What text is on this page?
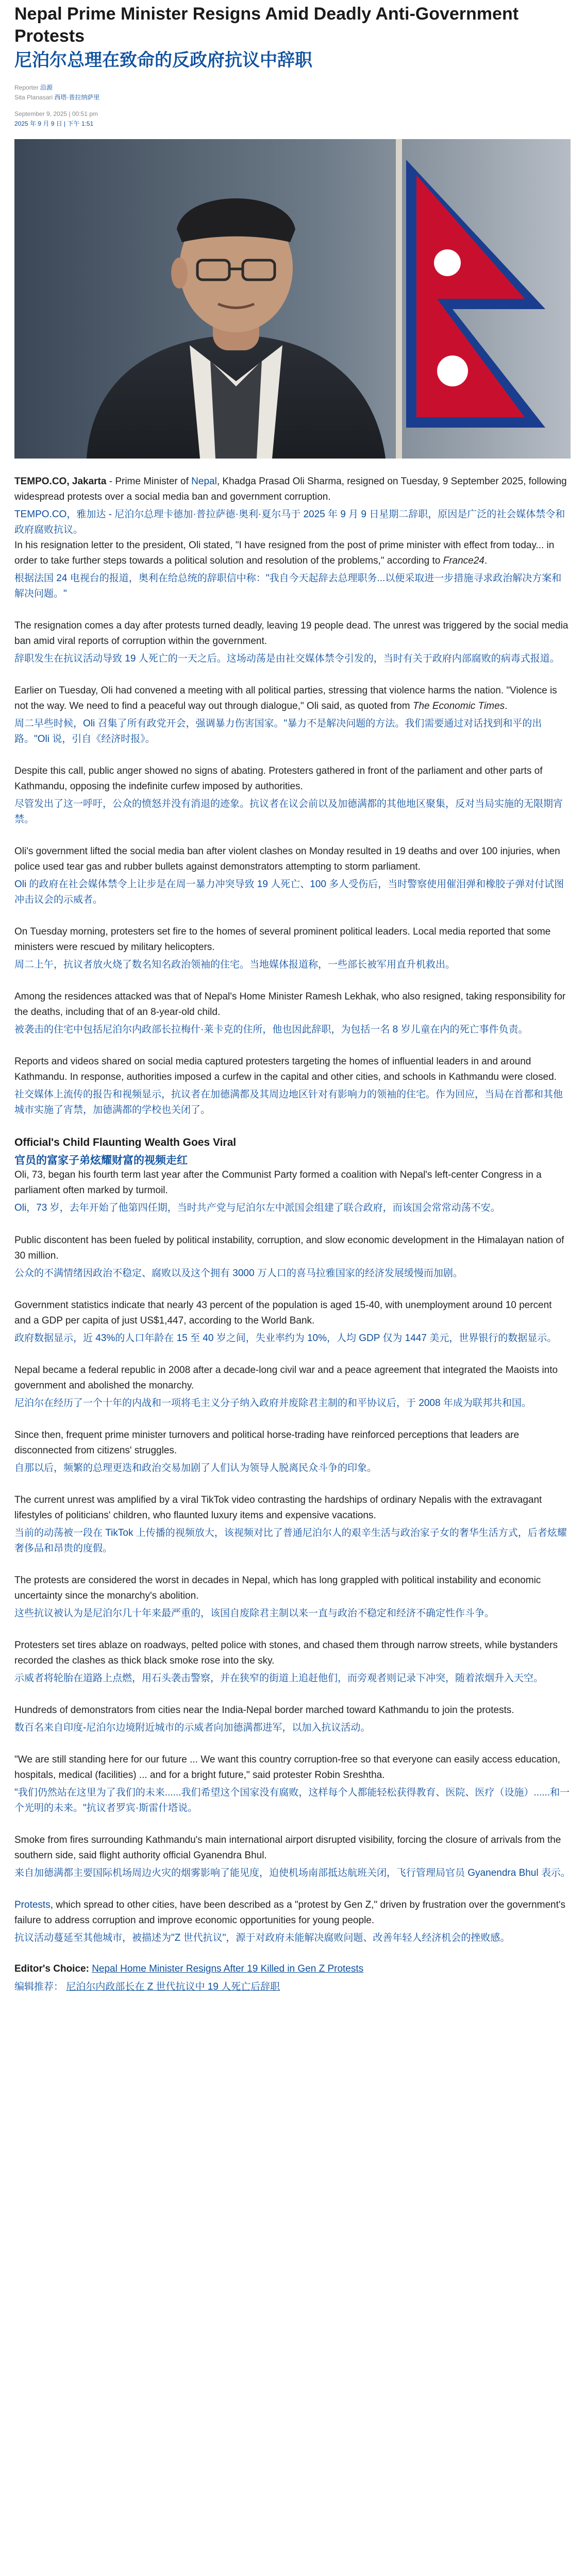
Nepal Prime Minister Resigns Amid Deadly Anti-Government Protests
尼泊尔总理在致命的反政府抗议中辞职
Reporter 沿源
Sita Planasari 西塔·普拉纳萨里
September 9, 2025 | 00:51 pm
2025 年 9 月 9 日 | 下午 1:51

TEMPO.CO, Jakarta - Prime Minister of Nepal, Khadga Prasad Oli Sharma, resigned on Tuesday, 9 September 2025, following widespread protests over a social media ban and government corruption.

TEMPO.CO，雅加达 - 尼泊尔总理卡德加·普拉萨德·奥利·夏尔马于 2025 年 9 月 9 日星期二辞职，原因是广泛的社会媒体禁令和政府腐败抗议。

In his resignation letter to the president, Oli stated, "I have resigned from the post of prime minister with effect from today... in order to take further steps towards a political solution and resolution of the problems," according to France24.

根据法国 24 电视台的报道，奥利在给总统的辞职信中称："我自今天起辞去总理职务...以便采取进一步措施寻求政治解决方案和解决问题。"

The resignation comes a day after protests turned deadly, leaving 19 people dead. The unrest was triggered by the social media ban amid viral reports of corruption within the government.

辞职发生在抗议活动导致 19 人死亡的一天之后。这场动荡是由社交媒体禁令引发的，当时有关于政府内部腐败的病毒式报道。

Earlier on Tuesday, Oli had convened a meeting with all political parties, stressing that violence harms the nation. "Violence is not the way. We need to find a peaceful way out through dialogue," Oli said, as quoted from The Economic Times.

周二早些时候，Oli 召集了所有政党开会，强调暴力伤害国家。"暴力不是解决问题的方法。我们需要通过对话找到和平的出路。"Oli 说，引自《经济时报》。

Despite this call, public anger showed no signs of abating. Protesters gathered in front of the parliament and other parts of Kathmandu, opposing the indefinite curfew imposed by authorities.

尽管发出了这一呼吁，公众的愤怒并没有消退的迹象。抗议者在议会前以及加德满都的其他地区聚集，反对当局实施的无限期宵禁。

Oli's government lifted the social media ban after violent clashes on Monday resulted in 19 deaths and over 100 injuries, when police used tear gas and rubber bullets against demonstrators attempting to storm parliament.

Oli 的政府在社会媒体禁令上让步是在周一暴力冲突导致 19 人死亡、100 多人受伤后，当时警察使用催泪弹和橡胶子弹对付试图冲击议会的示威者。

On Tuesday morning, protesters set fire to the homes of several prominent political leaders. Local media reported that some ministers were rescued by military helicopters.

周二上午，抗议者放火烧了数名知名政治领袖的住宅。当地媒体报道称，一些部长被军用直升机救出。

Among the residences attacked was that of Nepal's Home Minister Ramesh Lekhak, who also resigned, taking responsibility for the deaths, including that of an 8-year-old child.

被袭击的住宅中包括尼泊尔内政部长拉梅什·莱卡克的住所，他也因此辞职，为包括一名 8 岁儿童在内的死亡事件负责。

Reports and videos shared on social media captured protesters targeting the homes of influential leaders in and around Kathmandu. In response, authorities imposed a curfew in the capital and other cities, and schools in Kathmandu were closed.

社交媒体上流传的报告和视频显示，抗议者在加德满都及其周边地区针对有影响力的领袖的住宅。作为回应，当局在首都和其他城市实施了宵禁，加德满都的学校也关闭了。

Official's Child Flaunting Wealth Goes Viral
官员的富家子弟炫耀财富的视频走红

Oli, 73, began his fourth term last year after the Communist Party formed a coalition with Nepal's left-center Congress in a parliament often marked by turmoil.

Oli，73 岁，去年开始了他第四任期，当时共产党与尼泊尔左中派国会组建了联合政府，而该国会常常动荡不安。

Public discontent has been fueled by political instability, corruption, and slow economic development in the Himalayan nation of 30 million.

公众的不满情绪因政治不稳定、腐败以及这个拥有 3000 万人口的喜马拉雅国家的经济发展缓慢而加剧。

Government statistics indicate that nearly 43 percent of the population is aged 15-40, with unemployment around 10 percent and a GDP per capita of just US$1,447, according to the World Bank.

政府数据显示，近 43%的人口年龄在 15 至 40 岁之间，失业率约为 10%，人均 GDP 仅为 1447 美元，世界银行的数据显示。

Nepal became a federal republic in 2008 after a decade-long civil war and a peace agreement that integrated the Maoists into government and abolished the monarchy.

尼泊尔在经历了一个十年的内战和一项将毛主义分子纳入政府并废除君主制的和平协议后，于 2008 年成为联邦共和国。

Since then, frequent prime minister turnovers and political horse-trading have reinforced perceptions that leaders are disconnected from citizens' struggles.

自那以后，频繁的总理更迭和政治交易加剧了人们认为领导人脱离民众斗争的印象。

The current unrest was amplified by a viral TikTok video contrasting the hardships of ordinary Nepalis with the extravagant lifestyles of politicians' children, who flaunted luxury items and expensive vacations.

当前的动荡被一段在 TikTok 上传播的视频放大，该视频对比了普通尼泊尔人的艰辛生活与政治家子女的奢华生活方式，后者炫耀奢侈品和昂贵的度假。

The protests are considered the worst in decades in Nepal, which has long grappled with political instability and economic uncertainty since the monarchy's abolition.

这些抗议被认为是尼泊尔几十年来最严重的，该国自废除君主制以来一直与政治不稳定和经济不确定性作斗争。

Protesters set tires ablaze on roadways, pelted police with stones, and chased them through narrow streets, while bystanders recorded the clashes as thick black smoke rose into the sky.

示威者将轮胎在道路上点燃，用石头袭击警察，并在狭窄的街道上追赶他们，而旁观者则记录下冲突，随着浓烟升入天空。

Hundreds of demonstrators from cities near the India-Nepal border marched toward Kathmandu to join the protests.

数百名来自印度-尼泊尔边境附近城市的示威者向加德满都进军，以加入抗议活动。

"We are still standing here for our future ... We want this country corruption-free so that everyone can easily access education, hospitals, medical (facilities) ... and for a bright future," said protester Robin Sreshtha.

"我们仍然站在这里为了我们的未来......我们希望这个国家没有腐败，这样每个人都能轻松获得教育、医院、医疗（设施）......和一个光明的未来。"抗议者罗宾·斯雷什塔说。

Smoke from fires surrounding Kathmandu's main international airport disrupted visibility, forcing the closure of arrivals from the southern side, said flight authority official Gyanendra Bhul.

来自加德满都主要国际机场周边火灾的烟雾影响了能见度，迫使机场南部抵达航班关闭，飞行管理局官员 Gyanendra Bhul 表示。

Protests, which spread to other cities, have been described as a "protest by Gen Z," driven by frustration over the government's failure to address corruption and improve economic opportunities for young people.

抗议活动蔓延至其他城市，被描述为"Z 世代抗议"，源于对政府未能解决腐败问题、改善年轻人经济机会的挫败感。

Editor's Choice: Nepal Home Minister Resigns After 19 Killed in Gen Z Protests
编辑推荐： 尼泊尔内政部长在 Z 世代抗议中 19 人死亡后辞职
